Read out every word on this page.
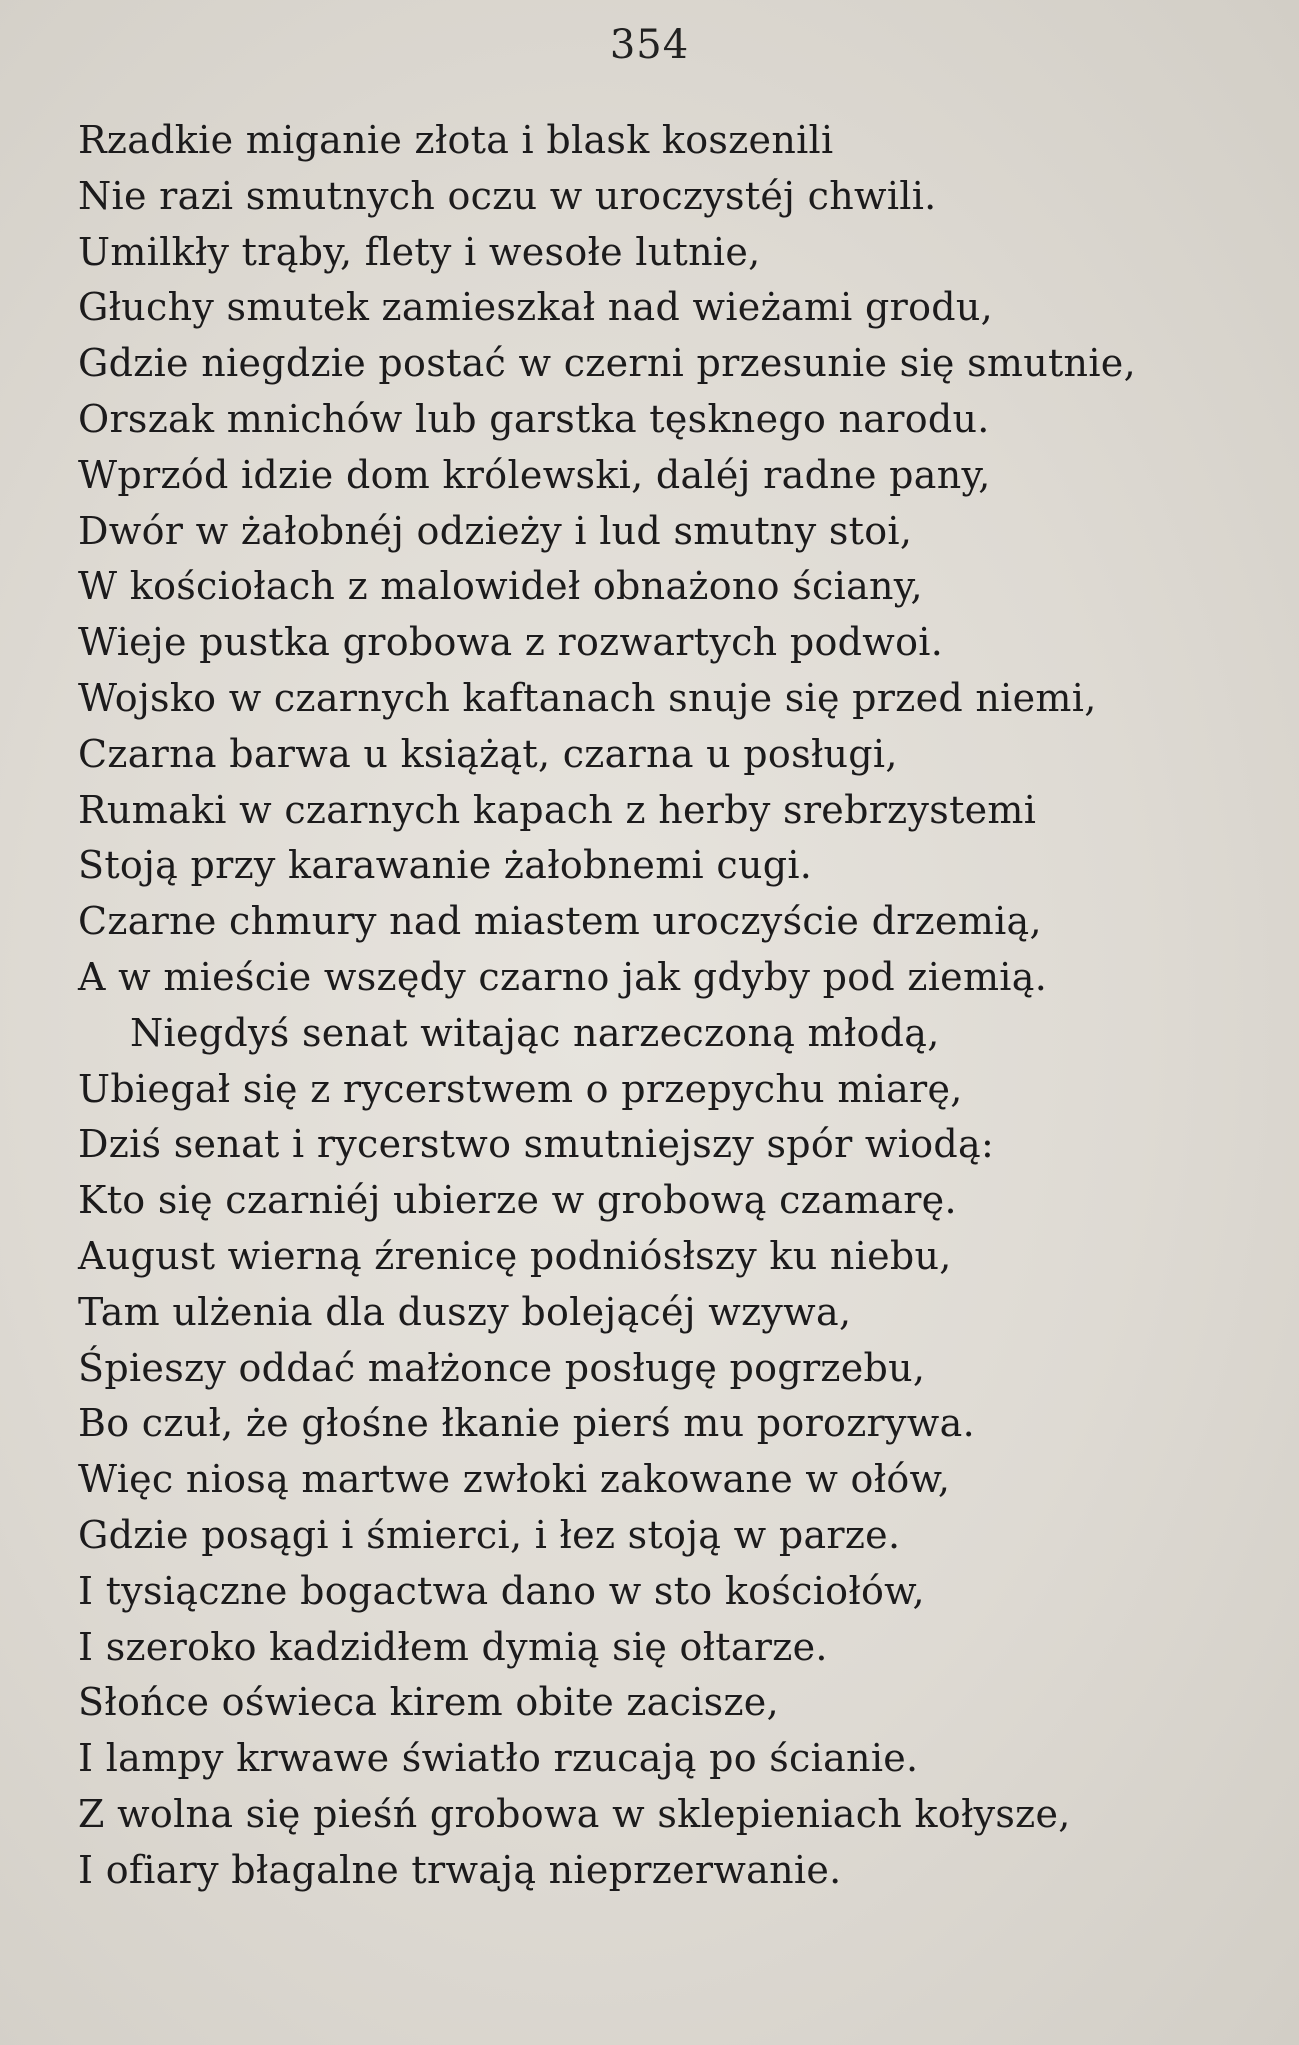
354
Rzadkie miganie złota i blask koszenili
Nie razi smutnych oczu w uroczystéj chwili.
Umilkły trąby, flety i wesołe lutnie,
Głuchy smutek zamieszkał nad wieżami grodu,
Gdzie niegdzie postać w czerni przesunie się smutnie,
Orszak mnichów lub garstka tęsknego narodu.
Wprzód idzie dom królewski, daléj radne pany,
Dwór w żałobnéj odzieży i lud smutny stoi,
W kościołach z malowideł obnażono ściany,
Wieje pustka grobowa z rozwartych podwoi.
Wojsko w czarnych kaftanach snuje się przed niemi,
Czarna barwa u książąt, czarna u posługi,
Rumaki w czarnych kapach z herby srebrzystemi
Stoją przy karawanie żałobnemi cugi.
Czarne chmury nad miastem uroczyście drzemią,
A w mieście wszędy czarno jak gdyby pod ziemią.
Niegdyś senat witając narzeczoną młodą,
Ubiegał się z rycerstwem o przepychu miarę,
Dziś senat i rycerstwo smutniejszy spór wiodą:
Kto się czarniéj ubierze w grobową czamarę.
August wierną źrenicę podniósłszy ku niebu,
Tam ulżenia dla duszy bolejącéj wzywa,
Śpieszy oddać małżonce posługę pogrzebu,
Bo czuł, że głośne łkanie pierś mu porozrywa.
Więc niosą martwe zwłoki zakowane w ołów,
Gdzie posągi i śmierci, i łez stoją w parze.
I tysiączne bogactwa dano w sto kościołów,
I szeroko kadzidłem dymią się ołtarze.
Słońce oświeca kirem obite zacisze,
I lampy krwawe światło rzucają po ścianie.
Z wolna się pieśń grobowa w sklepieniach kołysze,
I ofiary błagalne trwają nieprzerwanie.
